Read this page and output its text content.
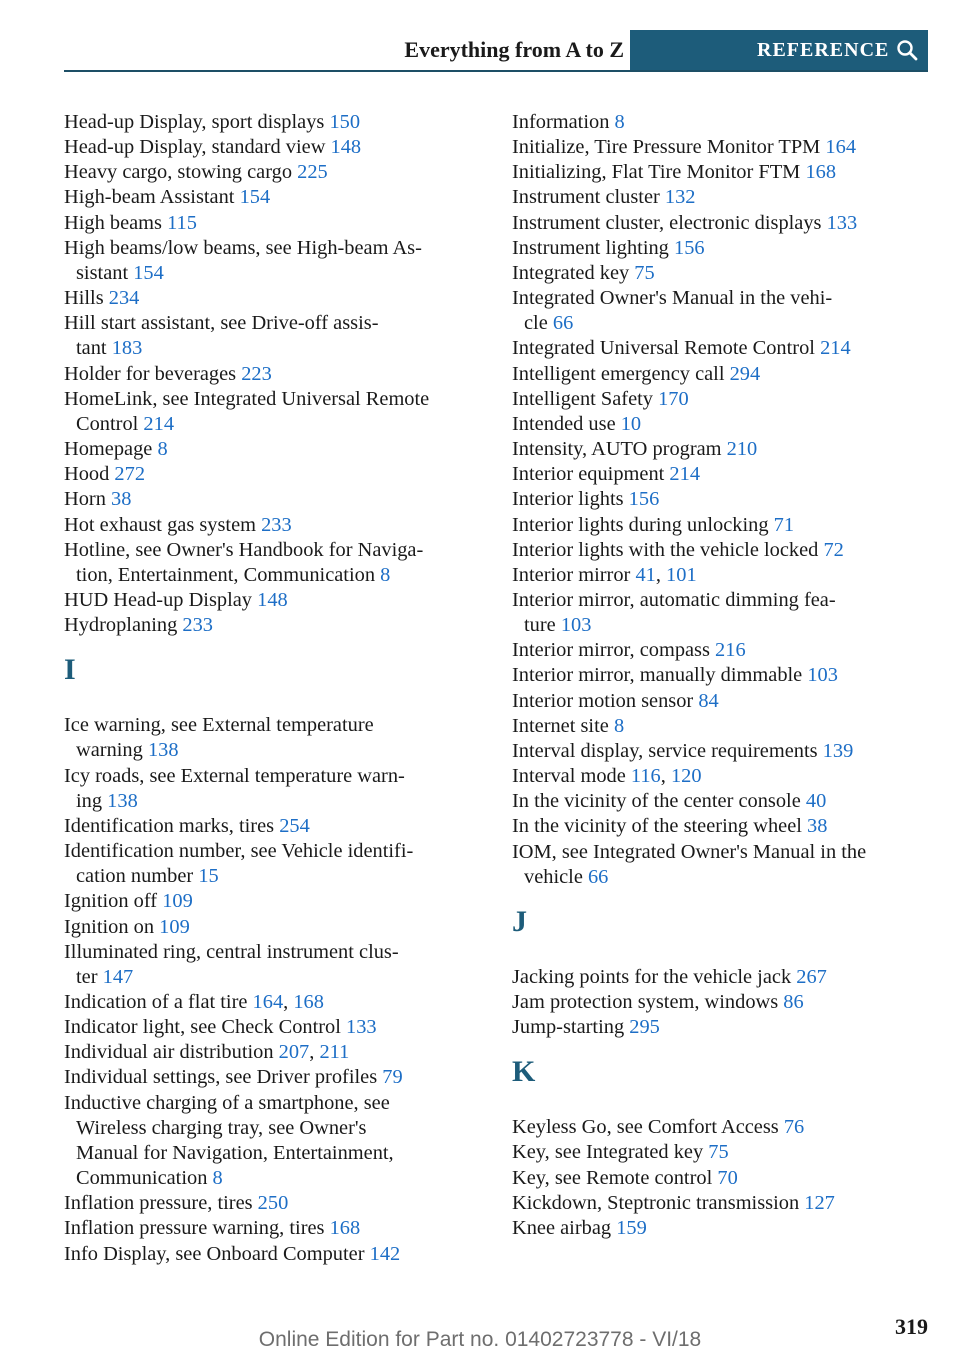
Everything from A to Z	REFERENCE
Head-up Display, sport displays 150
Head-up Display, standard view 148
Heavy cargo, stowing cargo 225
High-beam Assistant 154
High beams 115
High beams/low beams, see High-beam As-
sistant 154
Hills 234
Hill start assistant, see Drive-off assis-
tant 183
Holder for beverages 223
HomeLink, see Integrated Universal Remote
Control 214
Homepage 8
Hood 272
Horn 38
Hot exhaust gas system 233
Hotline, see Owner's Handbook for Naviga-
tion, Entertainment, Communication 8
HUD Head-up Display 148
Hydroplaning 233
I
Ice warning, see External temperature
warning 138
Icy roads, see External temperature warn-
ing 138
Identification marks, tires 254
Identification number, see Vehicle identifi-
cation number 15
Ignition off 109
Ignition on 109
Illuminated ring, central instrument clus-
ter 147
Indication of a flat tire 164, 168
Indicator light, see Check Control 133
Individual air distribution 207, 211
Individual settings, see Driver profiles 79
Inductive charging of a smartphone, see
Wireless charging tray, see Owner's
Manual for Navigation, Entertainment,
Communication 8
Inflation pressure, tires 250
Inflation pressure warning, tires 168
Info Display, see Onboard Computer 142
Information 8
Initialize, Tire Pressure Monitor TPM 164
Initializing, Flat Tire Monitor FTM 168
Instrument cluster 132
Instrument cluster, electronic displays 133
Instrument lighting 156
Integrated key 75
Integrated Owner's Manual in the vehi-
cle 66
Integrated Universal Remote Control 214
Intelligent emergency call 294
Intelligent Safety 170
Intended use 10
Intensity, AUTO program 210
Interior equipment 214
Interior lights 156
Interior lights during unlocking 71
Interior lights with the vehicle locked 72
Interior mirror 41, 101
Interior mirror, automatic dimming fea-
ture 103
Interior mirror, compass 216
Interior mirror, manually dimmable 103
Interior motion sensor 84
Internet site 8
Interval display, service requirements 139
Interval mode 116, 120
In the vicinity of the center console 40
In the vicinity of the steering wheel 38
IOM, see Integrated Owner's Manual in the
vehicle 66
J
Jacking points for the vehicle jack 267
Jam protection system, windows 86
Jump-starting 295
K
Keyless Go, see Comfort Access 76
Key, see Integrated key 75
Key, see Remote control 70
Kickdown, Steptronic transmission 127
Knee airbag 159
319
Online Edition for Part no. 01402723778 - VI/18
